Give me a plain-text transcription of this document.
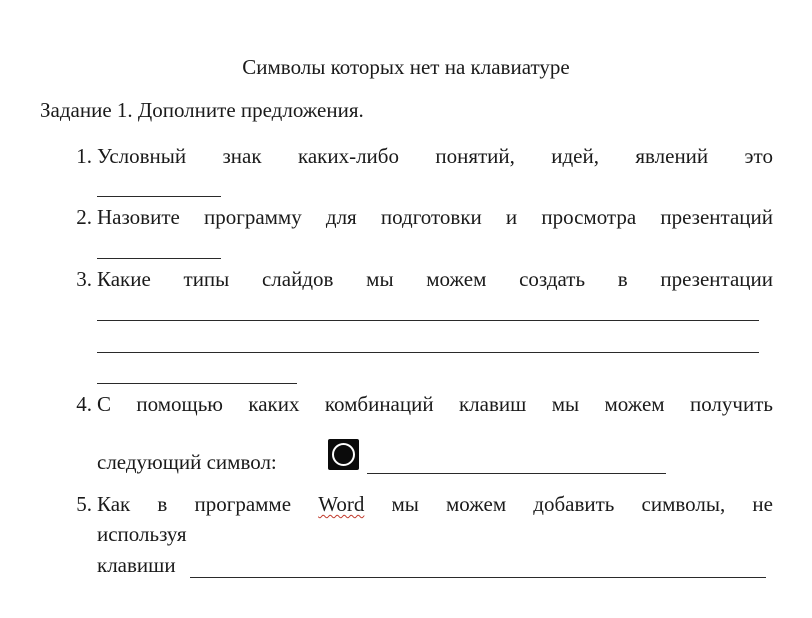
Символы которых нет на клавиатуре
Задание 1. Дополните предложения.
1. Условный знак каких-либо понятий, идей, явлений это
2. Назовите программу для подготовки и просмотра презентаций
3. Какие типы слайдов мы можем создать в презентации
4. С помощью каких комбинаций клавиш мы можем получить
следующий символ:
5. Как в программе Word мы можем добавить символы, не
используя
клавиши
